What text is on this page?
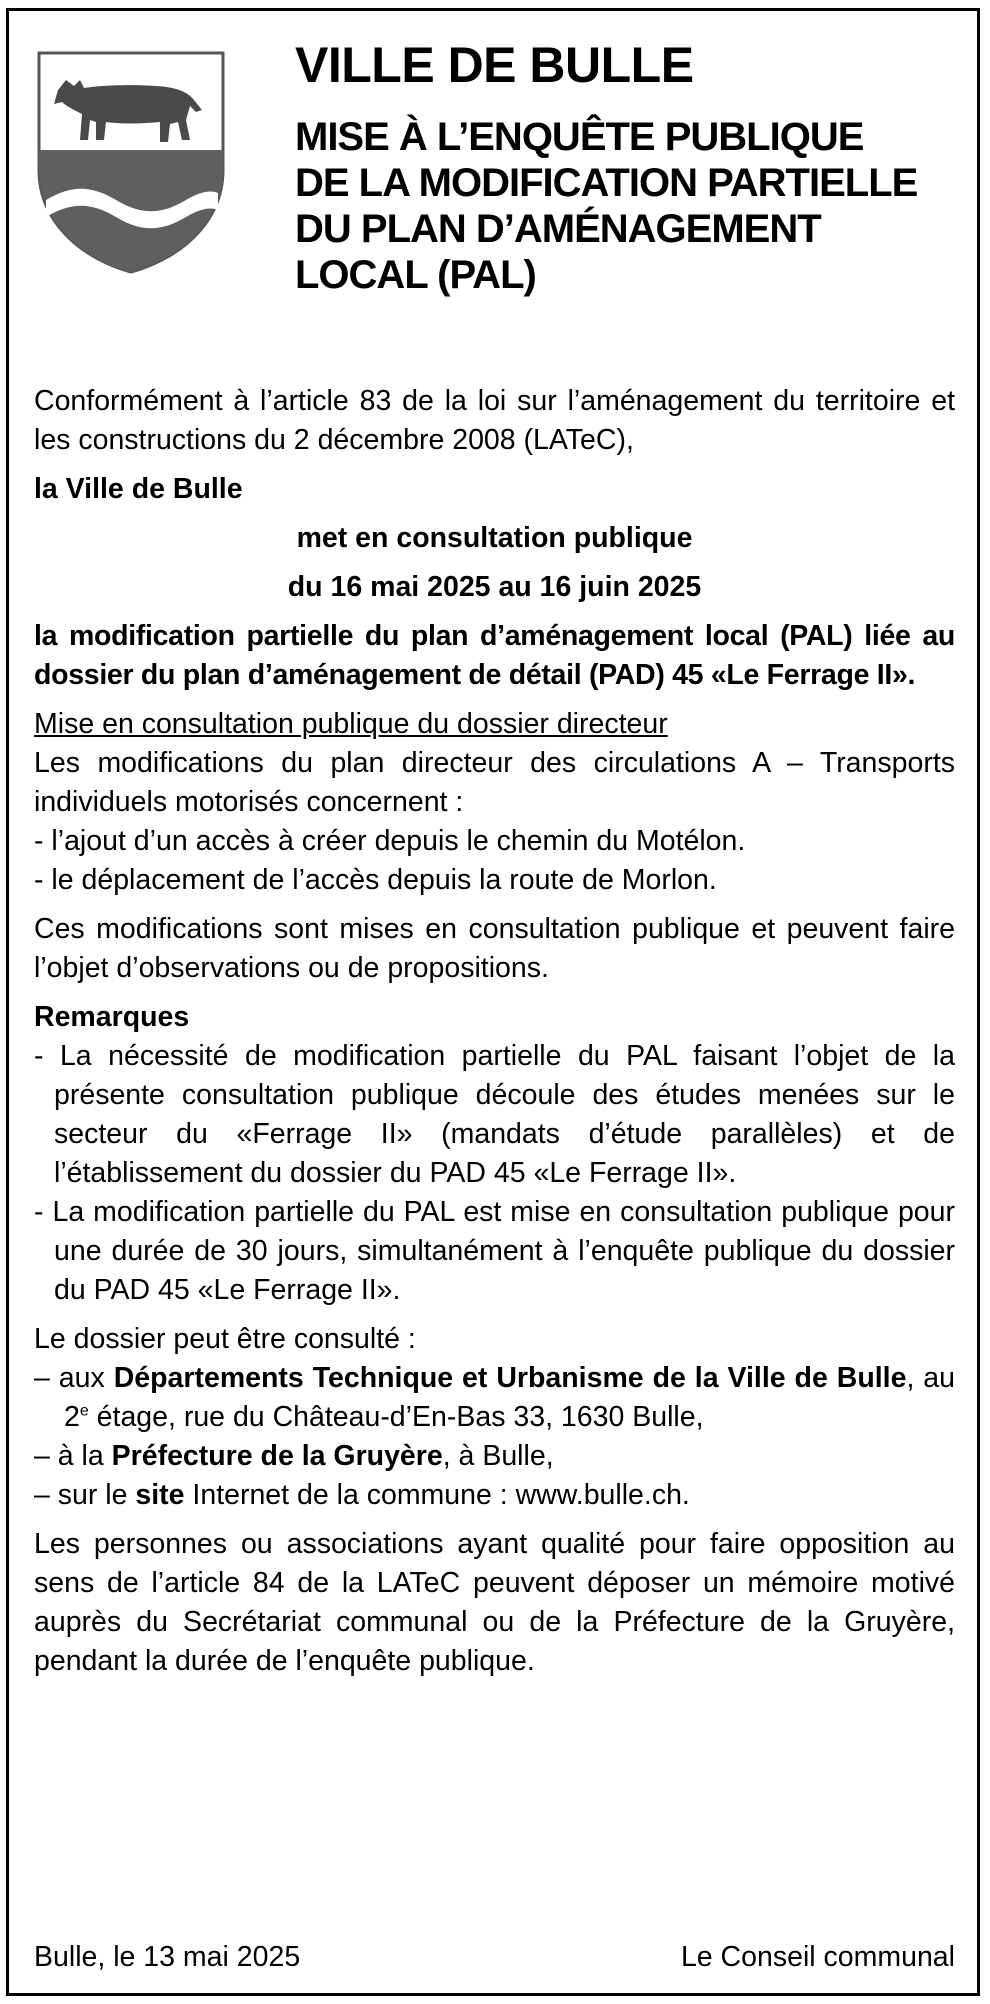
VILLE DE BULLE
MISE À L’ENQUÊTE PUBLIQUE
DE LA MODIFICATION PARTIELLE
DU PLAN D’AMÉNAGEMENT
LOCAL (PAL)

Conformément à l’article 83 de la loi sur l’aménagement du territoire et les constructions du 2 décembre 2008 (LATeC),

la Ville de Bulle

met en consultation publique

du 16 mai 2025 au 16 juin 2025

la modification partielle du plan d’aménagement local (PAL) liée au dossier du plan d’aménagement de détail (PAD) 45 «Le Ferrage II».

Mise en consultation publique du dossier directeur

Les modifications du plan directeur des circulations A – Transports individuels motorisés concernent :

- l’ajout d’un accès à créer depuis le chemin du Motélon.

- le déplacement de l’accès depuis la route de Morlon.

Ces modifications sont mises en consultation publique et peuvent faire l’objet d’observations ou de propositions.

Remarques

- La nécessité de modification partielle du PAL faisant l’objet de la présente consultation publique découle des études menées sur le secteur du «Ferrage II» (mandats d’étude parallèles) et de l’établissement du dossier du PAD 45 «Le Ferrage II».

- La modification partielle du PAL est mise en consultation publique pour une durée de 30 jours, simultanément à l’enquête publique du dossier du PAD 45 «Le Ferrage II».

Le dossier peut être consulté :

– aux Départements Technique et Urbanisme de la Ville de Bulle, au 2e étage, rue du Château-d’En-Bas 33, 1630 Bulle,

– à la Préfecture de la Gruyère, à Bulle,

– sur le site Internet de la commune : www.bulle.ch.

Les personnes ou associations ayant qualité pour faire opposition au sens de l’article 84 de la LATeC peuvent déposer un mémoire motivé auprès du Secrétariat communal ou de la Préfecture de la Gruyère, pendant la durée de l’enquête publique.

Bulle, le 13 mai 2025	Le Conseil communal
